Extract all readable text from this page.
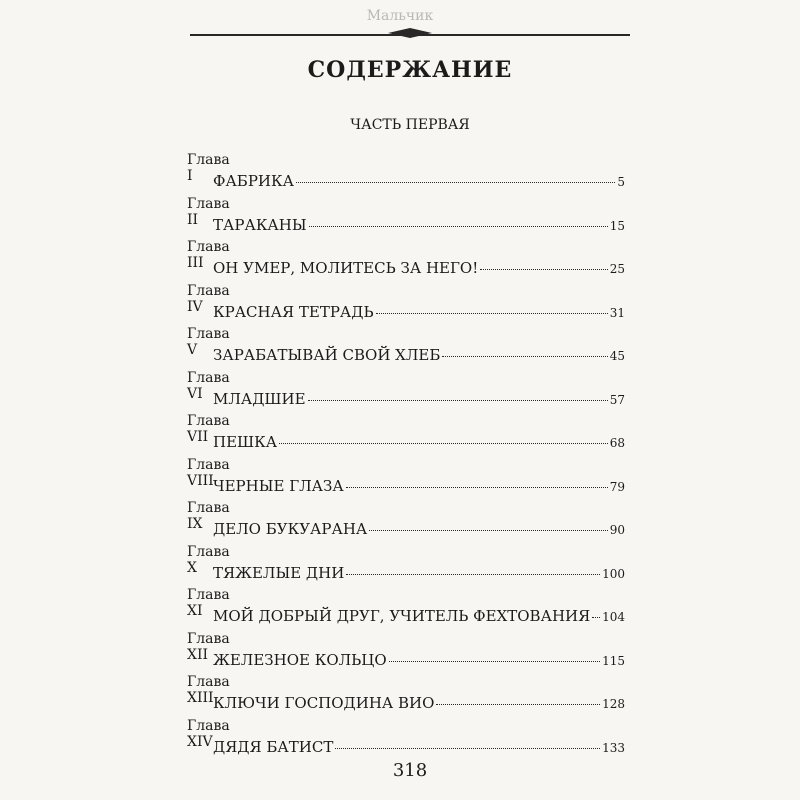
Мальчик
СОДЕРЖАНИЕ
ЧАСТЬ ПЕРВАЯ
Глава I	ФАБРИКА	5
Глава II ТАРАКАНЫ	15
Глава III ОН УМЕР, МОЛИТЕСЬ ЗА НЕГО!	25
Глава IV КРАСНАЯ ТЕТРАДЬ	31
Глава V	ЗАРАБАТЫВАЙ СВОЙ ХЛЕБ	45
Глава VI МЛАДШИЕ	57
Глава VII ПЕШКА	68
Глава VIII ЧЕРНЫЕ ГЛАЗА	79
Глава IX ДЕЛО БУКУАРАНА	90
Глава X	ТЯЖЕЛЫЕ ДНИ	100
Глава XI МОЙ ДОБРЫЙ ДРУГ, УЧИТЕЛЬ ФЕХТОВАНИЯ 104
Глава XII ЖЕЛЕЗНОЕ КОЛЬЦО	115
Глава XIII КЛЮЧИ ГОСПОДИНА ВИО	128
Глава XIV ДЯДЯ БАТИСТ	133
318
